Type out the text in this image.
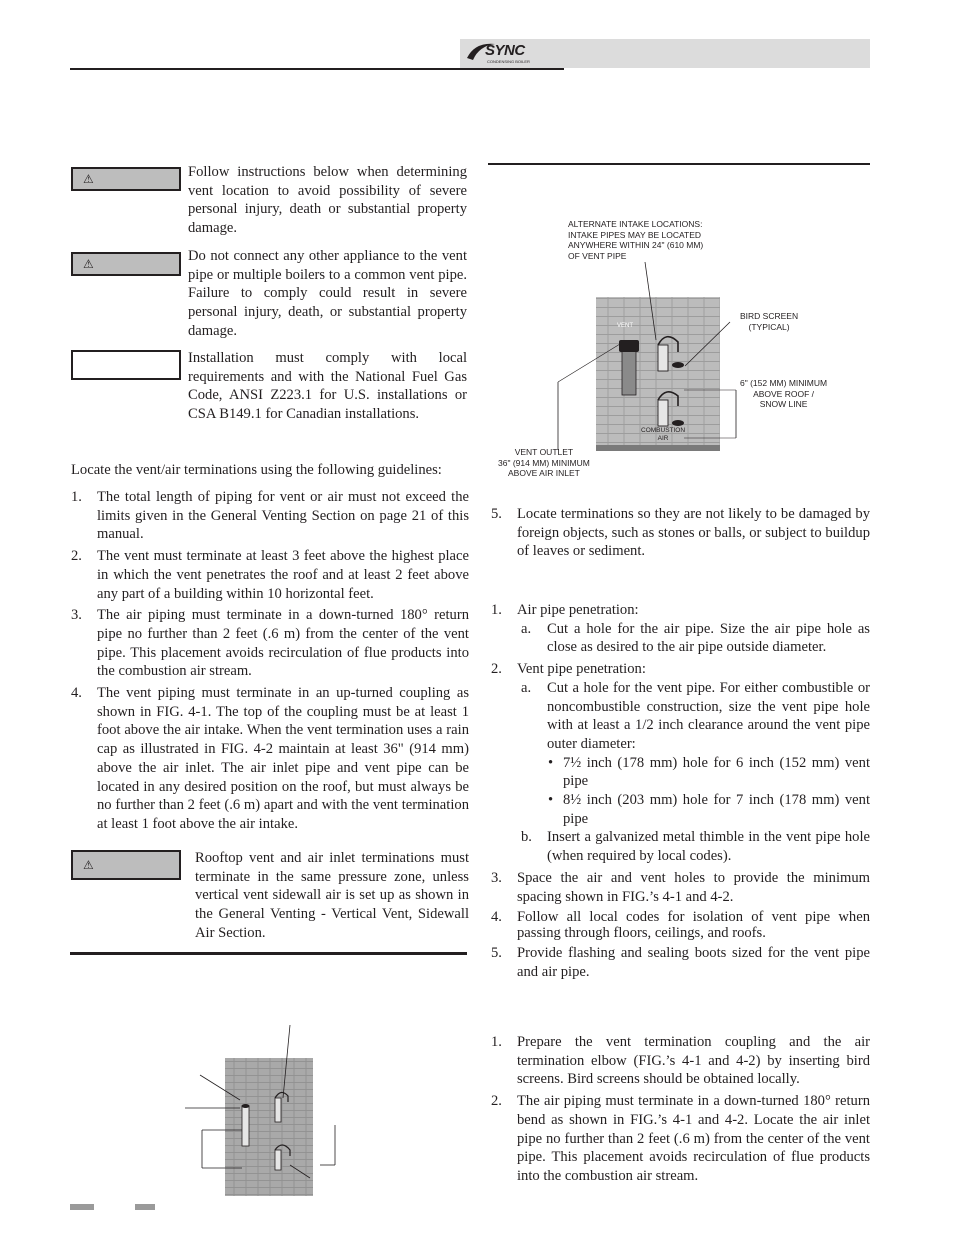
SYNC
CONDENSING BOILER
⚠	Follow instructions below when determining vent location to avoid possibility of severe personal injury, death or substantial property damage.

⚠	Do not connect any other appliance to the vent pipe or multiple boilers to a common vent pipe. Failure to comply could result in severe personal injury, death, or substantial property damage.

Installation must comply with local requirements and with the National Fuel Gas Code, ANSI Z223.1 for U.S. installations or CSA B149.1 for Canadian installations.

Locate the vent/air terminations using the following guidelines:

1. The total length of piping for vent or air must not exceed the limits given in the General Venting Section on page 21 of this manual.

2. The vent must terminate at least 3 feet above the highest place in which the vent penetrates the roof and at least 2 feet above any part of a building within 10 horizontal feet.

3. The air piping must terminate in a down-turned 180° return pipe no further than 2 feet (.6 m) from the center of the vent pipe. This placement avoids recirculation of flue products into the combustion air stream.

4. The vent piping must terminate in an up-turned coupling as shown in FIG. 4-1. The top of the coupling must be at least 1 foot above the air intake. When the vent termination uses a rain cap as illustrated in FIG. 4-2 maintain at least 36" (914 mm) above the air inlet. The air inlet pipe and vent pipe can be located in any desired position on the roof, but must always be no further than 2 feet (.6 m) apart and with the vent termination at least 1 foot above the air intake.

⚠	Rooftop vent and air inlet terminations must terminate in the same pressure zone, unless vertical vent sidewall air is set up as shown in the General Venting - Vertical Vent, Sidewall Air Section.

ALTERNATE INTAKE LOCATIONS:
INTAKE PIPES MAY BE LOCATED
ANYWHERE WITHIN 24" (610 MM)
OF VENT PIPE
BIRD SCREEN
(TYPICAL)
6" (152 MM) MINIMUM
ABOVE ROOF /
SNOW LINE
VENT OUTLET
36" (914 MM) MINIMUM
ABOVE AIR INLET
VENT
COMBUSTION
AIR

5. Locate terminations so they are not likely to be damaged by foreign objects, such as stones or balls, or subject to buildup of leaves or sediment.

1. Air pipe penetration:

a. Cut a hole for the air pipe. Size the air pipe hole as close as desired to the air pipe outside diameter.

2. Vent pipe penetration:

a. Cut a hole for the vent pipe. For either combustible or noncombustible construction, size the vent pipe hole with at least a 1/2 inch clearance around the vent pipe outer diameter:

• 7½ inch (178 mm) hole for 6 inch (152 mm) vent pipe

• 8½ inch (203 mm) hole for 7 inch (178 mm) vent pipe

b. Insert a galvanized metal thimble in the vent pipe hole (when required by local codes).

3. Space the air and vent holes to provide the minimum spacing shown in FIG.’s 4-1 and 4-2.

4. Follow all local codes for isolation of vent pipe when passing through floors, ceilings, and roofs.

5. Provide flashing and sealing boots sized for the vent pipe and air pipe.

1. Prepare the vent termination coupling and the air termination elbow (FIG.’s 4-1 and 4-2) by inserting bird screens. Bird screens should be obtained locally.

2. The air piping must terminate in a down-turned 180° return bend as shown in FIG.’s 4-1 and 4-2. Locate the air inlet pipe no further than 2 feet (.6 m) from the center of the vent pipe. This placement avoids recirculation of flue products into the combustion air stream.
